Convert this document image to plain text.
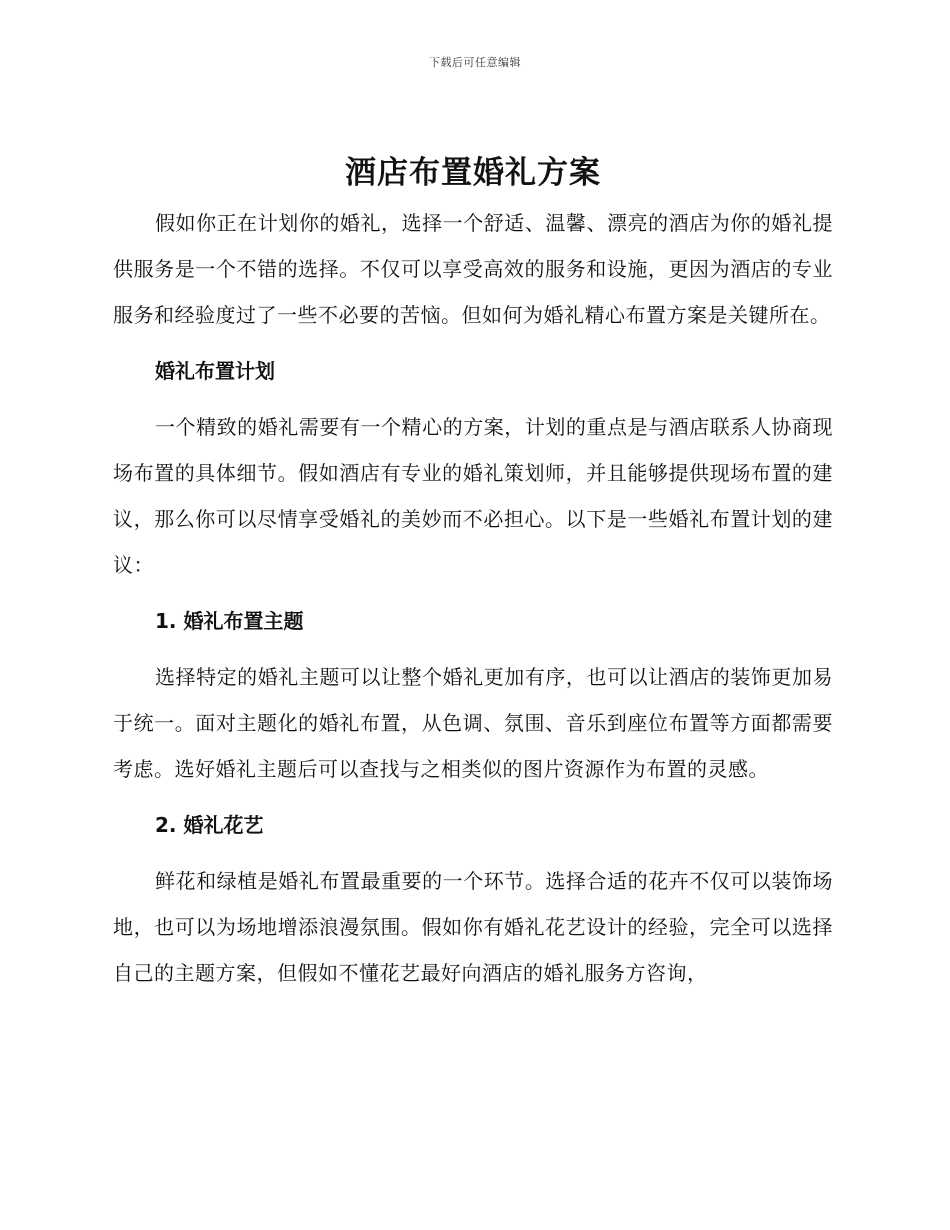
下载后可任意编辑
酒店布置婚礼方案

假如你正在计划你的婚礼，选择一个舒适、温馨、漂亮的酒店为你的婚礼提供服务是一个不错的选择。不仅可以享受高效的服务和设施，更因为酒店的专业服务和经验度过了一些不必要的苦恼。但如何为婚礼精心布置方案是关键所在。

婚礼布置计划

一个精致的婚礼需要有一个精心的方案，计划的重点是与酒店联系人协商现场布置的具体细节。假如酒店有专业的婚礼策划师，并且能够提供现场布置的建议，那么你可以尽情享受婚礼的美妙而不必担心。以下是一些婚礼布置计划的建议：

1. 婚礼布置主题

选择特定的婚礼主题可以让整个婚礼更加有序，也可以让酒店的装饰更加易于统一。面对主题化的婚礼布置，从色调、氛围、音乐到座位布置等方面都需要考虑。选好婚礼主题后可以查找与之相类似的图片资源作为布置的灵感。

2. 婚礼花艺

鲜花和绿植是婚礼布置最重要的一个环节。选择合适的花卉不仅可以装饰场地，也可以为场地增添浪漫氛围。假如你有婚礼花艺设计的经验，完全可以选择自己的主题方案，但假如不懂花艺最好向酒店的婚礼服务方咨询，
